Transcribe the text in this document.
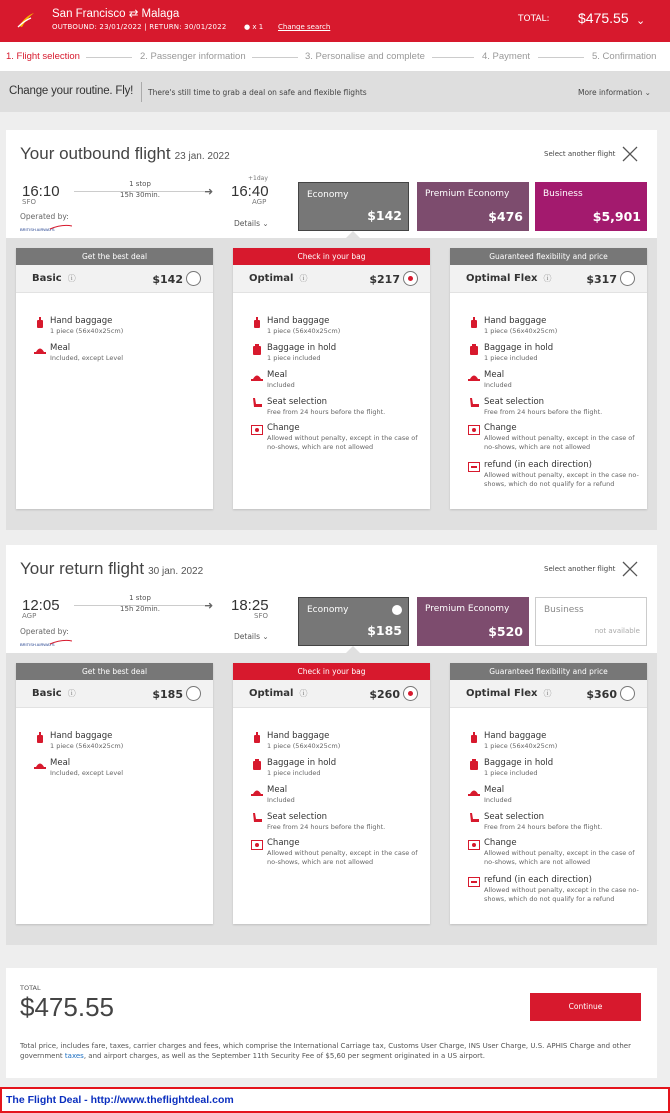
San Francisco ⇄ Malaga
OUTBOUND: 23/01/2022 | RETURN: 30/01/2022 ● x 1 Change search
TOTAL: $475.55 ⌄
1. Flight selection	2. Passenger information	3. Personalise and complete	4. Payment	5. Confirmation
Change your routine. Fly! There's still time to grab a deal on safe and flexible flights	More information ⌄
Your outbound flight 23 jan. 2022	Select another flight
16:10
SFO
1 stop
15h 30min.	➜
+1day
16:40
AGP
Operated by:
BRITISH AIRWAYS
Details ⌄
Economy
$142
Premium Economy
$476
Business
$5,901
Get the best deal
Basic ⓘ	$142
Hand baggage
1 piece (56x40x25cm)
Meal
Included, except Level
Check in your bag
Optimal ⓘ	$217
Hand baggage
1 piece (56x40x25cm)
Baggage in hold
1 piece included
Meal
Included
Seat selection
Free from 24 hours before the flight.
Change
Allowed without penalty, except in the case of no-shows, which are not allowed
Guaranteed flexibility and price
Optimal Flex ⓘ	$317
Hand baggage
1 piece (56x40x25cm)
Baggage in hold
1 piece included
Meal
Included
Seat selection
Free from 24 hours before the flight.
Change
Allowed without penalty, except in the case of no-shows, which are not allowed
refund (in each direction)
Allowed without penalty, except in the case no-shows, which do not qualify for a refund
Your return flight 30 jan. 2022	Select another flight
12:05
AGP
1 stop
15h 20min.	➜ 18:25
SFO
Operated by:
BRITISH AIRWAYS
Details ⌄
Economy
$185
Premium Economy
$520
Business
not available
Get the best deal
Basic ⓘ	$185
Hand baggage
1 piece (56x40x25cm)
Meal
Included, except Level
Check in your bag
Optimal ⓘ	$260
Hand baggage
1 piece (56x40x25cm)
Baggage in hold
1 piece included
Meal
Included
Seat selection
Free from 24 hours before the flight.
Change
Allowed without penalty, except in the case of no-shows, which are not allowed
Guaranteed flexibility and price
Optimal Flex ⓘ	$360
Hand baggage
1 piece (56x40x25cm)
Baggage in hold
1 piece included
Meal
Included
Seat selection
Free from 24 hours before the flight.
Change
Allowed without penalty, except in the case of no-shows, which are not allowed
refund (in each direction)
Allowed without penalty, except in the case no-shows, which do not qualify for a refund
TOTAL
$475.55	Continue
Total price, includes fare, taxes, carrier charges and fees, which comprise the International Carriage tax, Customs User Charge, INS User Charge, U.S. APHIS Charge and other government taxes, and airport charges, as well as the September 11th Security Fee of $5,60 per segment originated in a US airport.
The Flight Deal - http://www.theflightdeal.com
